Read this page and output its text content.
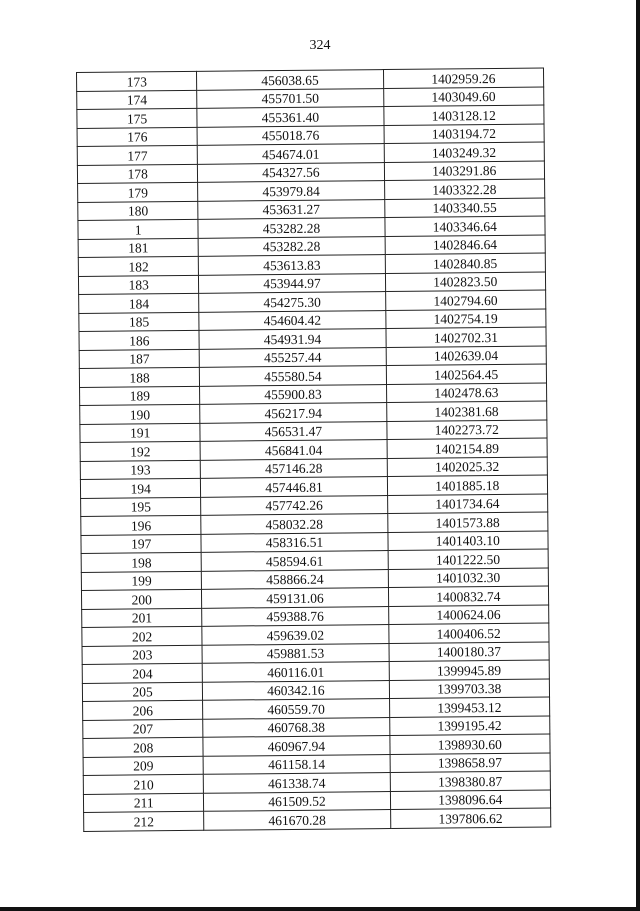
324
173	456038.65	1402959.26
174	455701.50	1403049.60
175	455361.40	1403128.12
176	455018.76	1403194.72
177	454674.01	1403249.32
178	454327.56	1403291.86
179	453979.84	1403322.28
180	453631.27	1403340.55
1	453282.28	1403346.64
181	453282.28	1402846.64
182	453613.83	1402840.85
183	453944.97	1402823.50
184	454275.30	1402794.60
185	454604.42	1402754.19
186	454931.94	1402702.31
187	455257.44	1402639.04
188	455580.54	1402564.45
189	455900.83	1402478.63
190	456217.94	1402381.68
191	456531.47	1402273.72
192	456841.04	1402154.89
193	457146.28	1402025.32
194	457446.81	1401885.18
195	457742.26	1401734.64
196	458032.28	1401573.88
197	458316.51	1401403.10
198	458594.61	1401222.50
199	458866.24	1401032.30
200	459131.06	1400832.74
201	459388.76	1400624.06
202	459639.02	1400406.52
203	459881.53	1400180.37
204	460116.01	1399945.89
205	460342.16	1399703.38
206	460559.70	1399453.12
207	460768.38	1399195.42
208	460967.94	1398930.60
209	461158.14	1398658.97
210	461338.74	1398380.87
211	461509.52	1398096.64
212	461670.28	1397806.62
